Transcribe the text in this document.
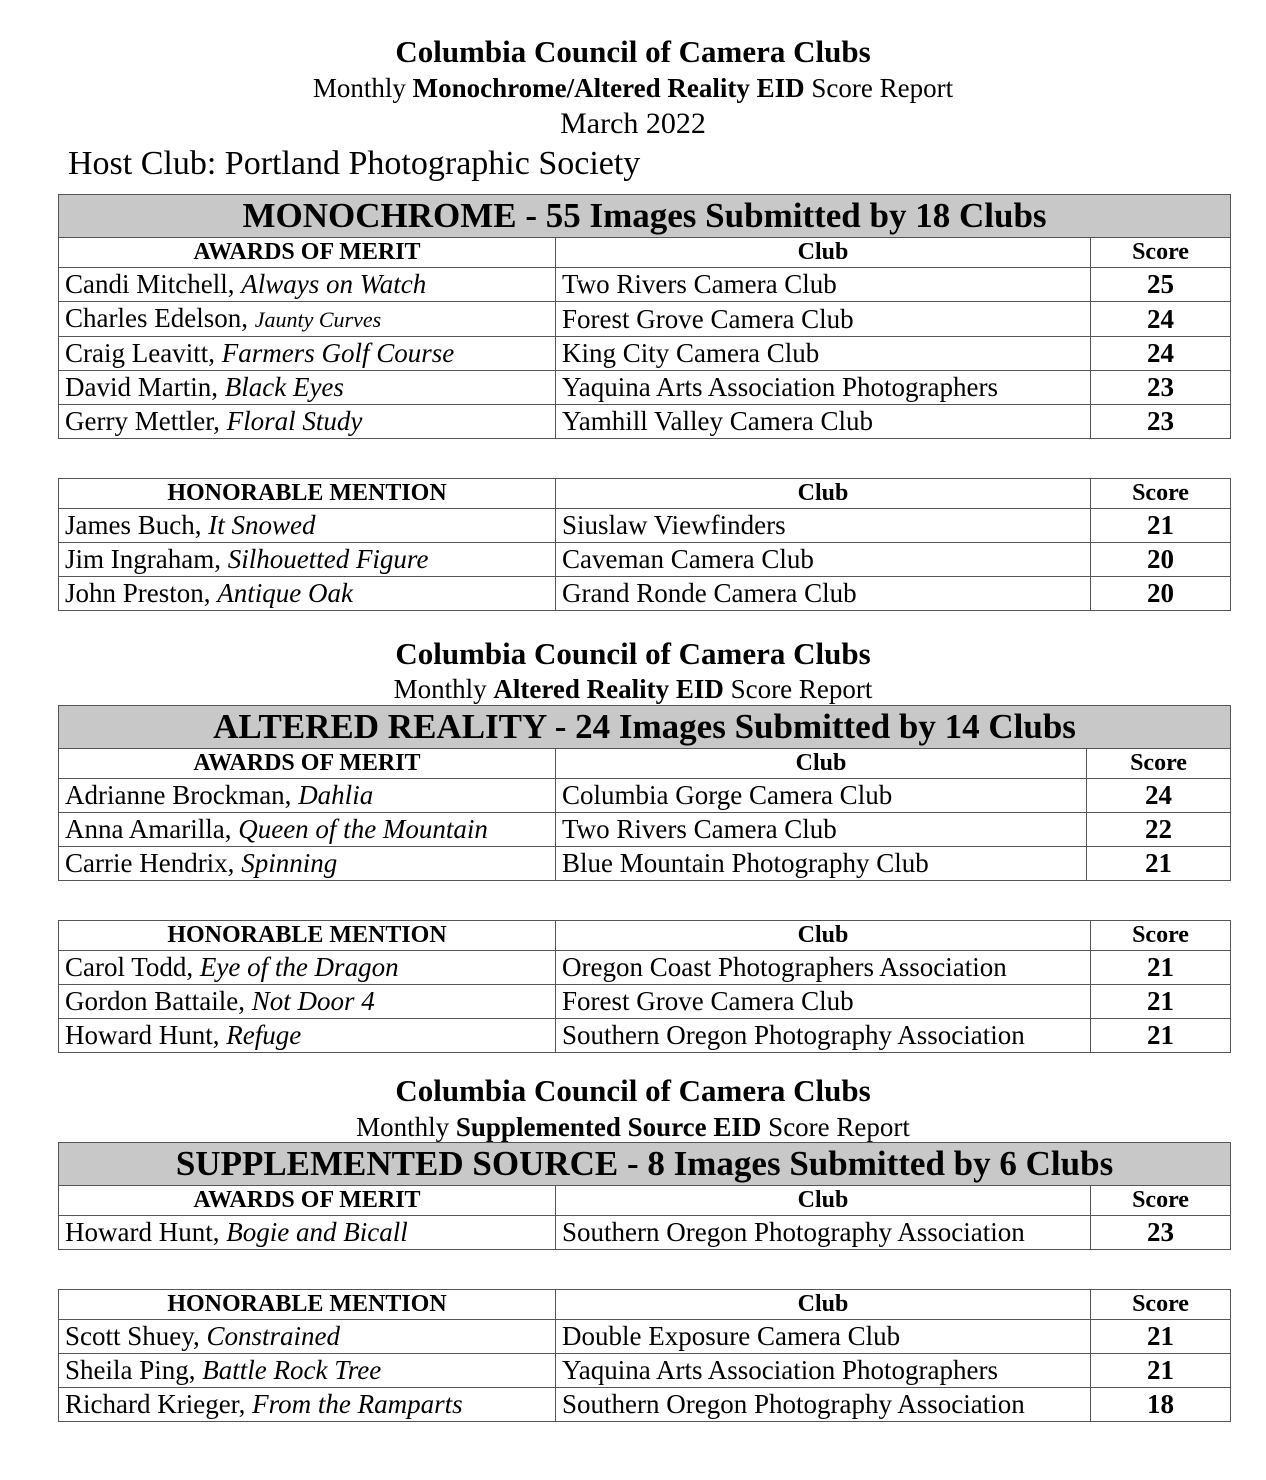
Columbia Council of Camera Clubs
Monthly Monochrome/Altered Reality EID Score Report
March 2022
Host Club: Portland Photographic Society
MONOCHROME - 55 Images Submitted by 18 Clubs		
AWARDS OF MERIT	Club	Score
Candi Mitchell, Always on Watch	Two Rivers Camera Club	25
Charles Edelson, Jaunty Curves	Forest Grove Camera Club	24
Craig Leavitt, Farmers Golf Course	King City Camera Club	24
David Martin, Black Eyes	Yaquina Arts Association Photographers	23
Gerry Mettler, Floral Study	Yamhill Valley Camera Club	23
HONORABLE MENTION	Club	Score
James Buch, It Snowed	Siuslaw Viewfinders	21
Jim Ingraham, Silhouetted Figure	Caveman Camera Club	20
John Preston, Antique Oak	Grand Ronde Camera Club	20
Columbia Council of Camera Clubs
Monthly Altered Reality EID Score Report
ALTERED REALITY - 24 Images Submitted by 14 Clubs		
AWARDS OF MERIT	Club	Score
Adrianne Brockman, Dahlia	Columbia Gorge Camera Club	24
Anna Amarilla, Queen of the Mountain	Two Rivers Camera Club	22
Carrie Hendrix, Spinning	Blue Mountain Photography Club	21
HONORABLE MENTION	Club	Score
Carol Todd, Eye of the Dragon	Oregon Coast Photographers Association	21
Gordon Battaile, Not Door 4	Forest Grove Camera Club	21
Howard Hunt, Refuge	Southern Oregon Photography Association	21
Columbia Council of Camera Clubs
Monthly Supplemented Source EID Score Report
SUPPLEMENTED SOURCE - 8 Images Submitted by 6 Clubs		
AWARDS OF MERIT	Club	Score
Howard Hunt, Bogie and Bicall	Southern Oregon Photography Association	23
HONORABLE MENTION	Club	Score
Scott Shuey, Constrained	Double Exposure Camera Club	21
Sheila Ping, Battle Rock Tree	Yaquina Arts Association Photographers	21
Richard Krieger, From the Ramparts	Southern Oregon Photography Association	18
